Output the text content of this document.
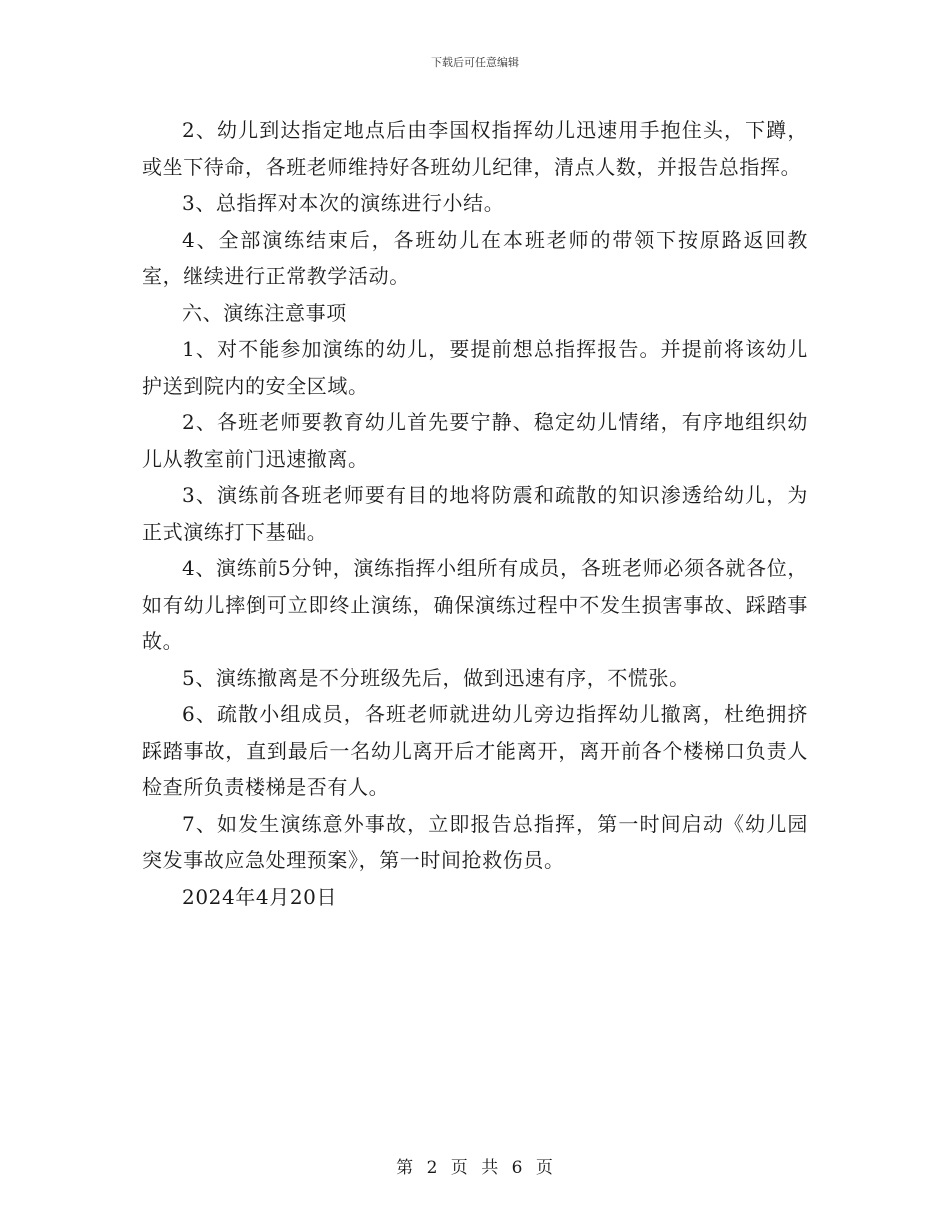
下载后可任意编辑

2、幼儿到达指定地点后由李国权指挥幼儿迅速用手抱住头，下蹲，或坐下待命，各班老师维持好各班幼儿纪律，清点人数，并报告总指挥。

3、总指挥对本次的演练进行小结。

4、全部演练结束后，各班幼儿在本班老师的带领下按原路返回教室，继续进行正常教学活动。

六、演练注意事项

1、对不能参加演练的幼儿，要提前想总指挥报告。并提前将该幼儿护送到院内的安全区域。

2、各班老师要教育幼儿首先要宁静、稳定幼儿情绪，有序地组织幼儿从教室前门迅速撤离。

3、演练前各班老师要有目的地将防震和疏散的知识渗透给幼儿，为正式演练打下基础。

4、演练前5分钟，演练指挥小组所有成员，各班老师必须各就各位，如有幼儿摔倒可立即终止演练，确保演练过程中不发生损害事故、踩踏事故。

5、演练撤离是不分班级先后，做到迅速有序，不慌张。

6、疏散小组成员，各班老师就进幼儿旁边指挥幼儿撤离，杜绝拥挤踩踏事故，直到最后一名幼儿离开后才能离开，离开前各个楼梯口负责人检查所负责楼梯是否有人。

7、如发生演练意外事故，立即报告总指挥，第一时间启动《幼儿园突发事故应急处理预案》，第一时间抢救伤员。

2024年4月20日

第 2 页 共 6 页
